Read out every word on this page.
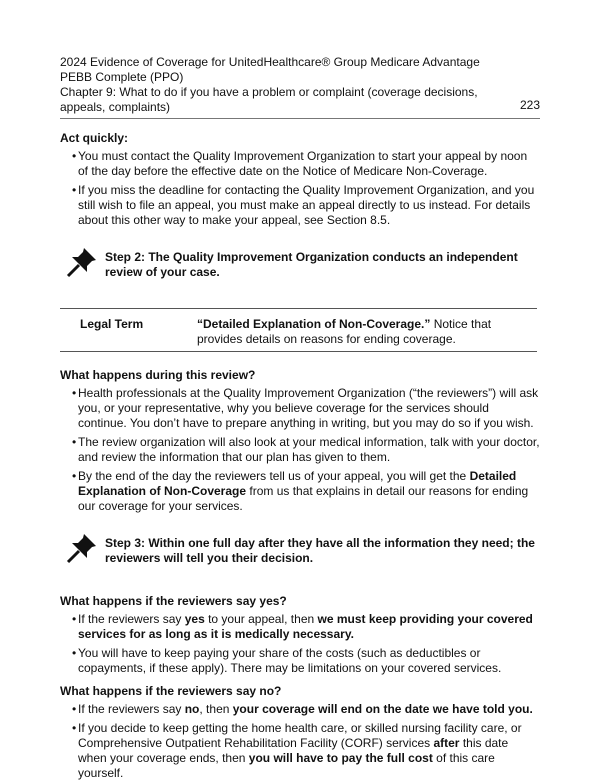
2024 Evidence of Coverage for UnitedHealthcare® Group Medicare Advantage PEBB Complete (PPO)
Chapter 9: What to do if you have a problem or complaint (coverage decisions, appeals, complaints)	223
Act quickly:
• You must contact the Quality Improvement Organization to start your appeal by noon of the day before the effective date on the Notice of Medicare Non-Coverage.
• If you miss the deadline for contacting the Quality Improvement Organization, and you still wish to file an appeal, you must make an appeal directly to us instead. For details about this other way to make your appeal, see Section 8.5.
Step 2: The Quality Improvement Organization conducts an independent review of your case.
Legal Term	“Detailed Explanation of Non-Coverage.” Notice that provides details on reasons for ending coverage.
What happens during this review?
• Health professionals at the Quality Improvement Organization (“the reviewers”) will ask you, or your representative, why you believe coverage for the services should continue. You don’t have to prepare anything in writing, but you may do so if you wish.
• The review organization will also look at your medical information, talk with your doctor, and review the information that our plan has given to them.
• By the end of the day the reviewers tell us of your appeal, you will get the Detailed Explanation of Non-Coverage from us that explains in detail our reasons for ending our coverage for your services.
Step 3: Within one full day after they have all the information they need; the reviewers will tell you their decision.
What happens if the reviewers say yes?
• If the reviewers say yes to your appeal, then we must keep providing your covered services for as long as it is medically necessary.
• You will have to keep paying your share of the costs (such as deductibles or copayments, if these apply). There may be limitations on your covered services.
What happens if the reviewers say no?
• If the reviewers say no, then your coverage will end on the date we have told you.
• If you decide to keep getting the home health care, or skilled nursing facility care, or Comprehensive Outpatient Rehabilitation Facility (CORF) services after this date when your coverage ends, then you will have to pay the full cost of this care yourself.
